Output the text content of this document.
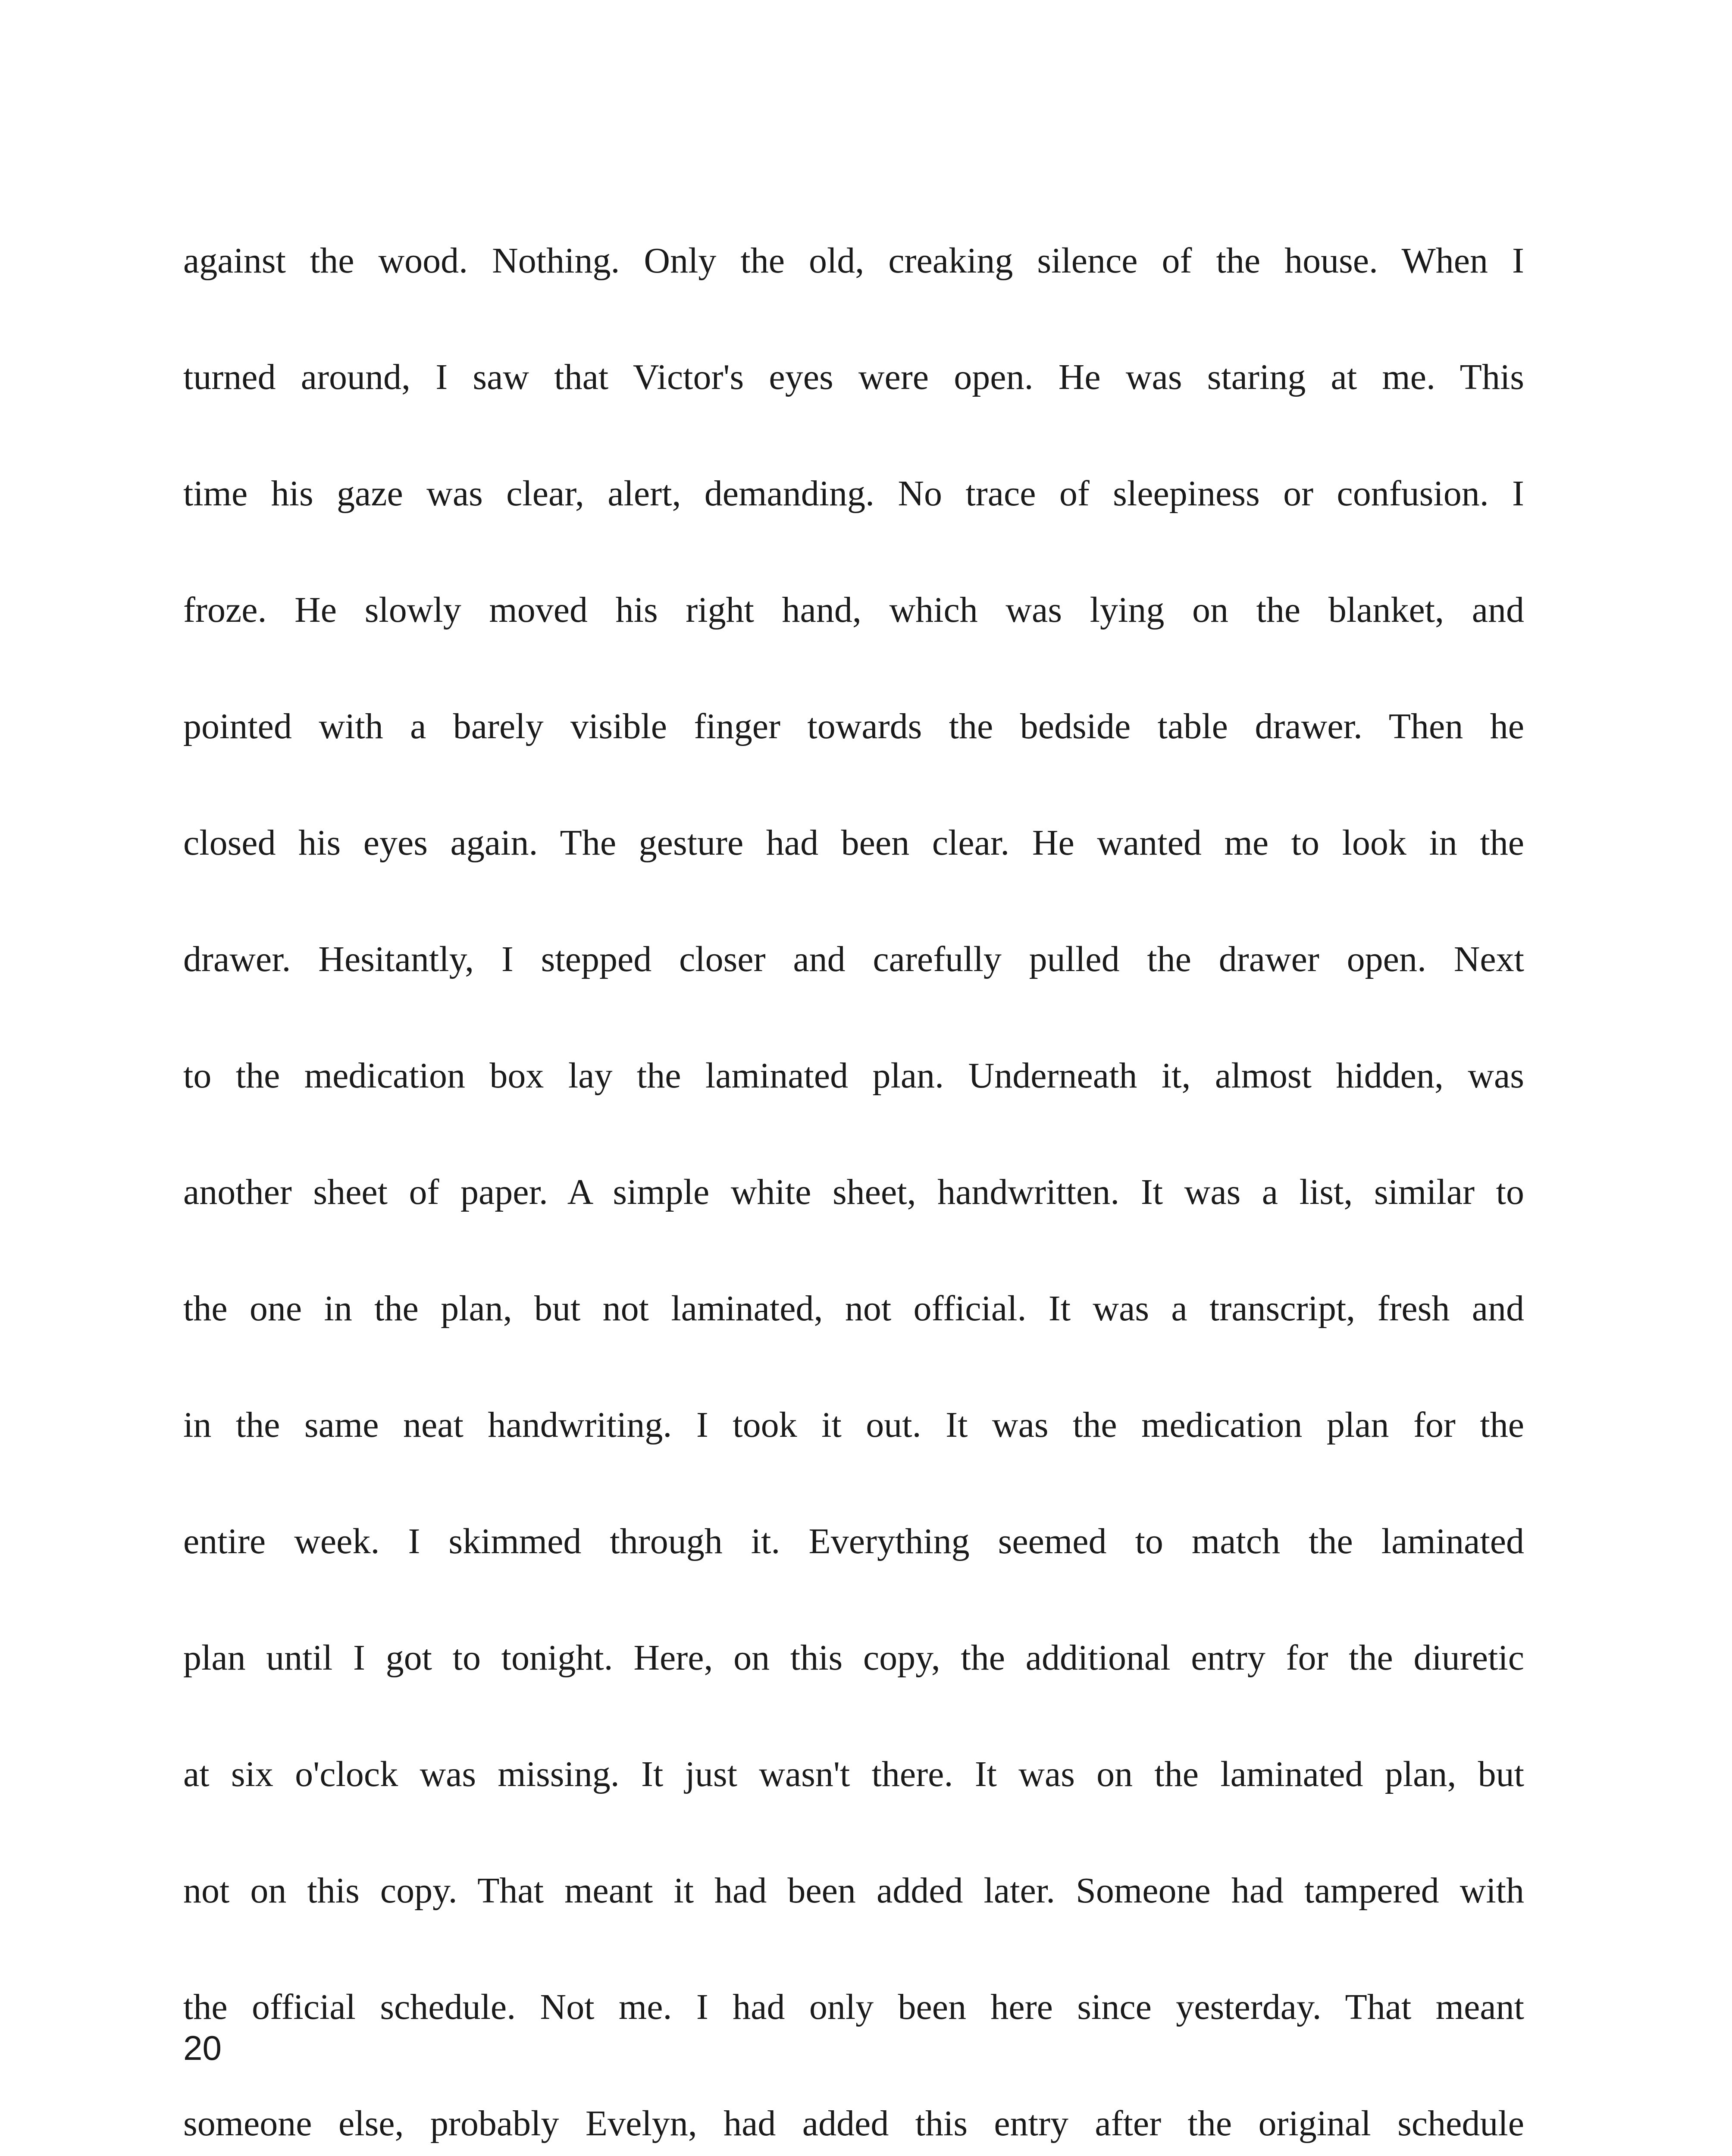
against the wood. Nothing. Only the old, creaking silence of the house. When I
turned around, I saw that Victor's eyes were open. He was staring at me. This
time his gaze was clear, alert, demanding. No trace of sleepiness or confusion. I
froze. He slowly moved his right hand, which was lying on the blanket, and
pointed with a barely visible finger towards the bedside table drawer. Then he
closed his eyes again. The gesture had been clear. He wanted me to look in the
drawer. Hesitantly, I stepped closer and carefully pulled the drawer open. Next
to the medication box lay the laminated plan. Underneath it, almost hidden, was
another sheet of paper. A simple white sheet, handwritten. It was a list, similar to
the one in the plan, but not laminated, not official. It was a transcript, fresh and
in the same neat handwriting. I took it out. It was the medication plan for the
entire week. I skimmed through it. Everything seemed to match the laminated
plan until I got to tonight. Here, on this copy, the additional entry for the diuretic
at six o'clock was missing. It just wasn't there. It was on the laminated plan, but
not on this copy. That meant it had been added later. Someone had tampered with
the official schedule. Not me. I had only been here since yesterday. That meant
someone else, probably Evelyn, had added this entry after the original schedule
20
